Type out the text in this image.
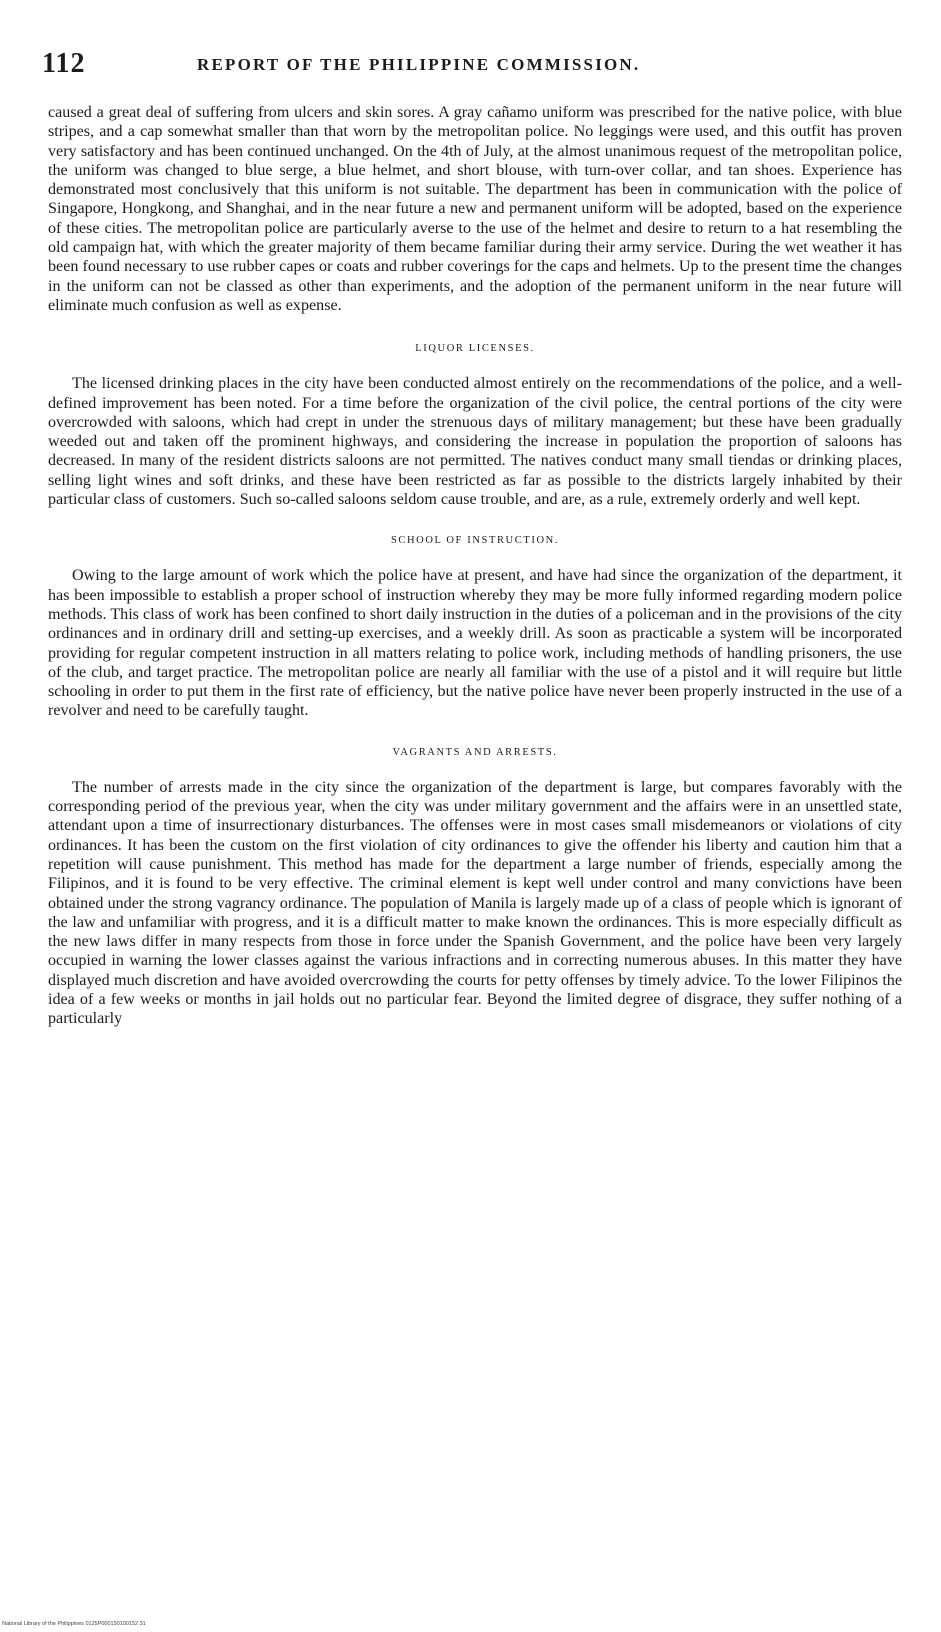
112	REPORT OF THE PHILIPPINE COMMISSION.

caused a great deal of suffering from ulcers and skin sores. A gray cañamo uniform was prescribed for the native police, with blue stripes, and a cap somewhat smaller than that worn by the metropolitan police. No leggings were used, and this outfit has proven very satisfactory and has been continued unchanged. On the 4th of July, at the almost unanimous request of the metropolitan police, the uniform was changed to blue serge, a blue helmet, and short blouse, with turn-over collar, and tan shoes. Experience has demonstrated most conclusively that this uniform is not suitable. The department has been in communication with the police of Singapore, Hongkong, and Shanghai, and in the near future a new and permanent uniform will be adopted, based on the experience of these cities. The metropolitan police are particularly averse to the use of the helmet and desire to return to a hat resembling the old campaign hat, with which the greater majority of them became familiar during their army service. During the wet weather it has been found necessary to use rubber capes or coats and rubber coverings for the caps and helmets. Up to the present time the changes in the uniform can not be classed as other than experiments, and the adoption of the permanent uniform in the near future will eliminate much confusion as well as expense.

LIQUOR LICENSES.

The licensed drinking places in the city have been conducted almost entirely on the recommendations of the police, and a well-defined improvement has been noted. For a time before the organization of the civil police, the central portions of the city were overcrowded with saloons, which had crept in under the strenuous days of military management; but these have been gradually weeded out and taken off the prominent highways, and considering the increase in population the proportion of saloons has decreased. In many of the resident districts saloons are not permitted. The natives conduct many small tiendas or drinking places, selling light wines and soft drinks, and these have been restricted as far as possible to the districts largely inhabited by their particular class of customers. Such so-called saloons seldom cause trouble, and are, as a rule, extremely orderly and well kept.

SCHOOL OF INSTRUCTION.

Owing to the large amount of work which the police have at present, and have had since the organization of the department, it has been impossible to establish a proper school of instruction whereby they may be more fully informed regarding modern police methods. This class of work has been confined to short daily instruction in the duties of a policeman and in the provisions of the city ordinances and in ordinary drill and setting-up exercises, and a weekly drill. As soon as practicable a system will be incorporated providing for regular competent instruction in all matters relating to police work, including methods of handling prisoners, the use of the club, and target practice. The metropolitan police are nearly all familiar with the use of a pistol and it will require but little schooling in order to put them in the first rate of efficiency, but the native police have never been properly instructed in the use of a revolver and need to be carefully taught.

VAGRANTS AND ARRESTS.

The number of arrests made in the city since the organization of the department is large, but compares favorably with the corresponding period of the previous year, when the city was under military government and the affairs were in an unsettled state, attendant upon a time of insurrectionary disturbances. The offenses were in most cases small misdemeanors or violations of city ordinances. It has been the custom on the first violation of city ordinances to give the offender his liberty and caution him that a repetition will cause punishment. This method has made for the department a large number of friends, especially among the Filipinos, and it is found to be very effective. The criminal element is kept well under control and many convictions have been obtained under the strong vagrancy ordinance. The population of Manila is largely made up of a class of people which is ignorant of the law and unfamiliar with progress, and it is a difficult matter to make known the ordinances. This is more especially difficult as the new laws differ in many respects from those in force under the Spanish Government, and the police have been very largely occupied in warning the lower classes against the various infractions and in correcting numerous abuses. In this matter they have displayed much discretion and have avoided overcrowding the courts for petty offenses by timely advice. To the lower Filipinos the idea of a few weeks or months in jail holds out no particular fear. Beyond the limited degree of disgrace, they suffer nothing of a particularly

National Library of the Philippines 0125P000150100152 31
